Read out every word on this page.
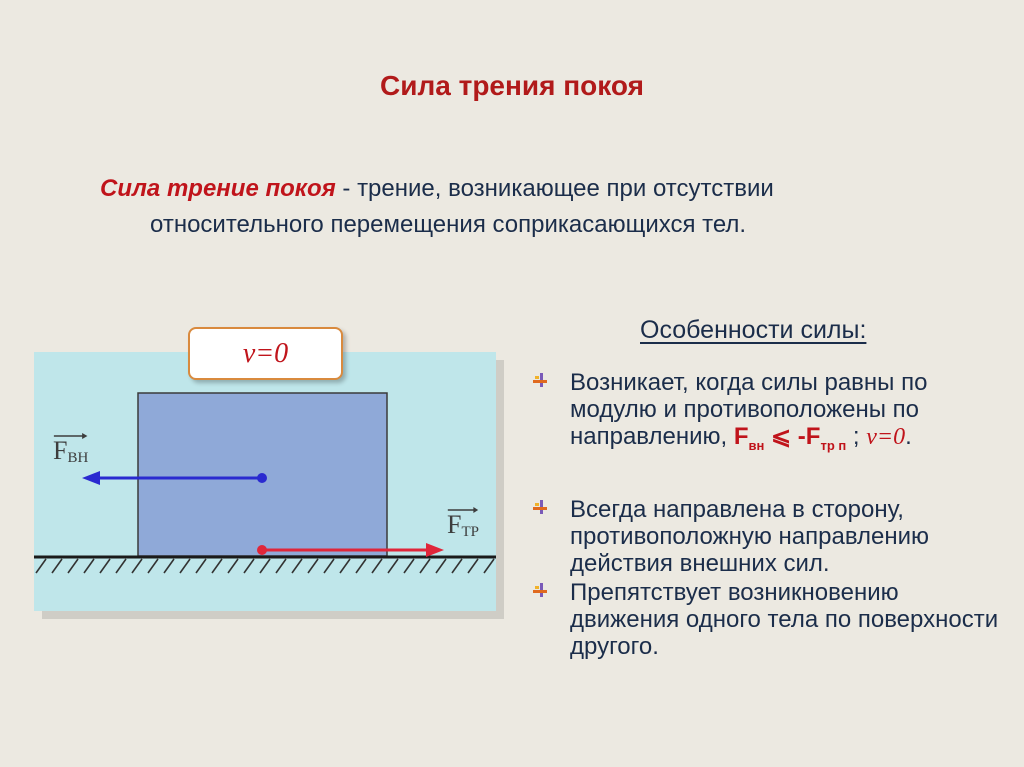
Сила трения покоя
Сила трение покоя - трение, возникающее при отсутствии
относительного перемещения соприкасающихся тел.
v=0
$F_{ВН}$
$F_{ТР}$
Особенности силы:
Возникает, когда силы равны по модулю и противоположены по направлению, $F_{вн}$ ⩽ $-F_{тр п}$ ; v=0.
Всегда направлена в сторону, противоположную направлению действия внешних сил.
Препятствует возникновению движения одного тела по поверхности другого.
